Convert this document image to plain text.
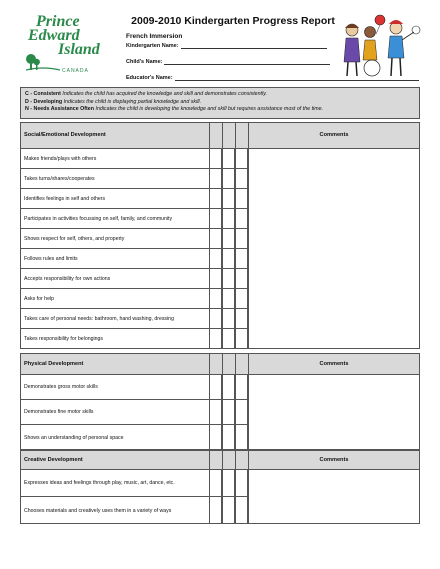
Prince
Edward
Island
CANADA
2009-2010 Kindergarten Progress Report
French Immersion
Kindergarten Name:
Child's Name:
Educator's Name:
C - Consistent Indicates the child has acquired the knowledge and skill and demonstrates consistently.
D - Developing Indicates the child is displaying partial knowledge and skill.
N - Needs Assistance Often Indicates the child is developing the knowledge and skill but requires assistance most of the time.
Social/Emotional Development	Comments
Makes friends/plays with others
Takes turns/shares/cooperates
Identifies feelings in self and others
Participates in activities focussing on self, family, and community
Shows respect for self, others, and property
Follows rules and limits
Accepts responsibility for own actions
Asks for help
Takes care of personal needs: bathroom, hand washing, dressing
Takes responsibility for belongings
Physical Development	Comments
Demonstrates gross motor skills
Demonstrates fine motor skills
Shows an understanding of personal space
Creative Development	Comments
Expresses ideas and feelings through play, music, art, dance, etc.
Chooses materials and creatively uses them in a variety of ways
